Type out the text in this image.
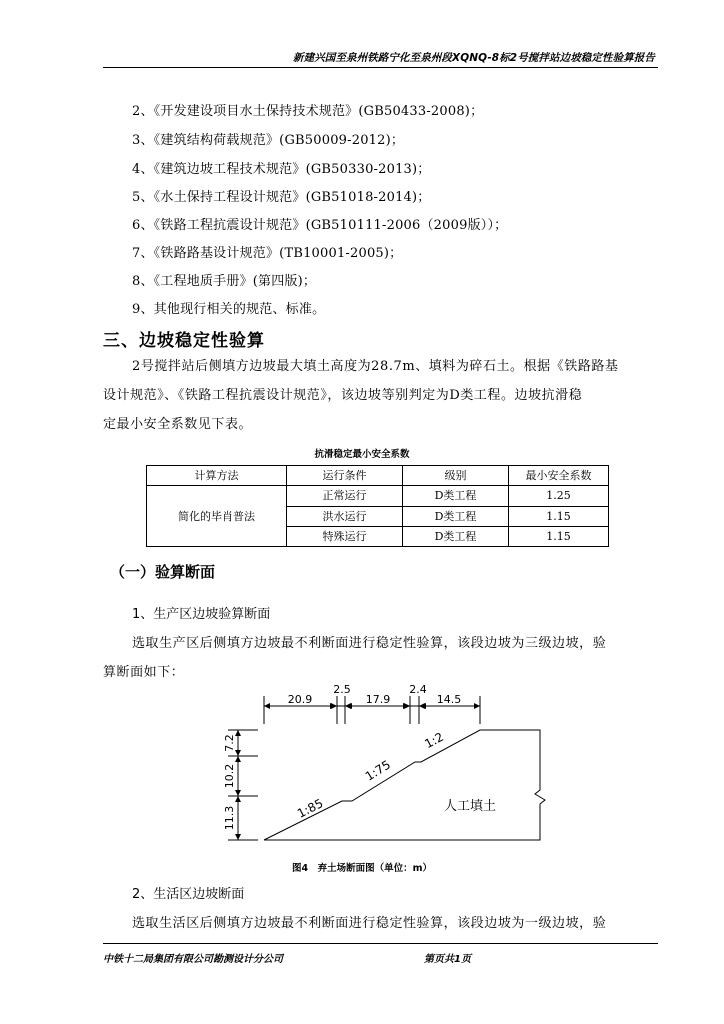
新建兴国至泉州铁路宁化至泉州段XQNQ-8标2号搅拌站边坡稳定性验算报告
2、《开发建设项目水土保持技术规范》(GB50433-2008)；
3、《建筑结构荷载规范》(GB50009-2012)；
4、《建筑边坡工程技术规范》(GB50330-2013)；
5、《水土保持工程设计规范》(GB51018-2014)；
6、《铁路工程抗震设计规范》(GB510111-2006（2009版））；
7、《铁路路基设计规范》(TB10001-2005)；
8、《工程地质手册》(第四版)；
9、其他现行相关的规范、标准。
三、边坡稳定性验算
2号搅拌站后侧填方边坡最大填土高度为28.7m、填料为碎石土。根据《铁路路基
设计规范》、《铁路工程抗震设计规范》，该边坡等别判定为D类工程。边坡抗滑稳
定最小安全系数见下表。
抗滑稳定最小安全系数
计算方法	运行条件	级别	最小安全系数
简化的毕肖普法	正常运行	D类工程	1.25
	洪水运行	D类工程	1.15
	特殊运行	D类工程	1.15
（一）验算断面
1、生产区边坡验算断面
选取生产区后侧填方边坡最不利断面进行稳定性验算，该段边坡为三级边坡，验
算断面如下：
20.9
2.5
17.9
2.4
14.5
7.2
10.2
11.3	1:85
1:75
1:2
人工填土
图4　弃土场断面图（单位：m）
2、生活区边坡断面
选取生活区后侧填方边坡最不利断面进行稳定性验算，该段边坡为一级边坡，验
中铁十二局集团有限公司勘测设计分公司	第页共1页
